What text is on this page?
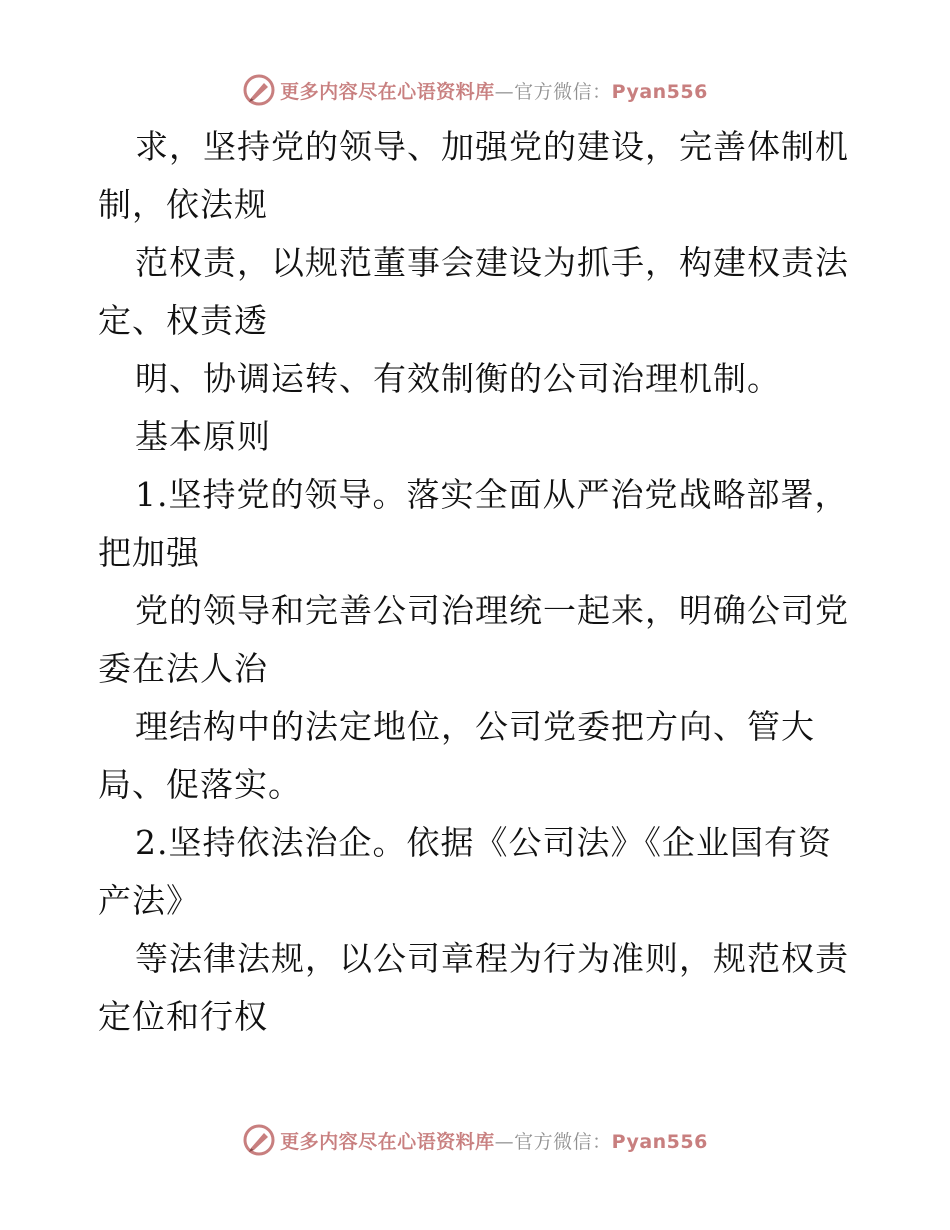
更多内容尽在心语资料库—官方微信：Pyan556
求，坚持党的领导、加强党的建设，完善体制机
制，依法规
范权责，以规范董事会建设为抓手，构建权责法
定、权责透
明、协调运转、有效制衡的公司治理机制。
基本原则
1.坚持党的领导。落实全面从严治党战略部署，
把加强
党的领导和完善公司治理统一起来，明确公司党
委在法人治
理结构中的法定地位，公司党委把方向、管大
局、促落实。
2.坚持依法治企。依据《公司法》《企业国有资
产法》
等法律法规，以公司章程为行为准则，规范权责
定位和行权
更多内容尽在心语资料库—官方微信：Pyan556
